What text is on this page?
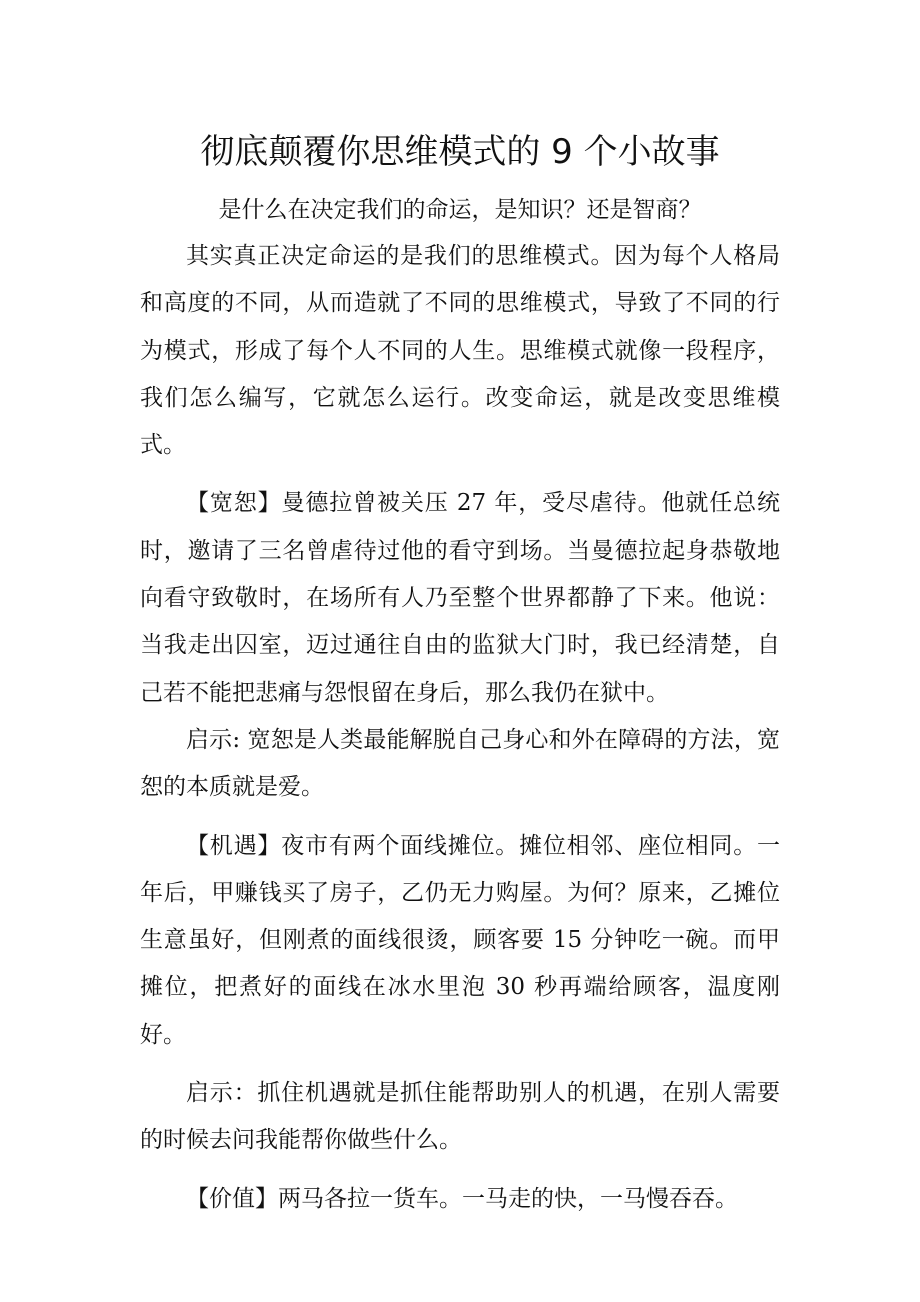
彻底颠覆你思维模式的 9 个小故事

是什么在决定我们的命运，是知识？还是智商？

其实真正决定命运的是我们的思维模式。因为每个人格局和高度的不同，从而造就了不同的思维模式，导致了不同的行为模式，形成了每个人不同的人生。思维模式就像一段程序，我们怎么编写，它就怎么运行。改变命运，就是改变思维模式。

【宽恕】曼德拉曾被关压 27 年，受尽虐待。他就任总统时，邀请了三名曾虐待过他的看守到场。当曼德拉起身恭敬地向看守致敬时，在场所有人乃至整个世界都静了下来。他说：当我走出囚室，迈过通往自由的监狱大门时，我已经清楚，自己若不能把悲痛与怨恨留在身后，那么我仍在狱中。

启示: 宽恕是人类最能解脱自己身心和外在障碍的方法，宽恕的本质就是爱。

【机遇】夜市有两个面线摊位。摊位相邻、座位相同。一年后，甲赚钱买了房子，乙仍无力购屋。为何？原来，乙摊位生意虽好，但刚煮的面线很烫，顾客要 15 分钟吃一碗。而甲摊位，把煮好的面线在冰水里泡 30 秒再端给顾客，温度刚好。

启示：抓住机遇就是抓住能帮助别人的机遇，在别人需要的时候去问我能帮你做些什么。

【价值】两马各拉一货车。一马走的快，一马慢吞吞。
